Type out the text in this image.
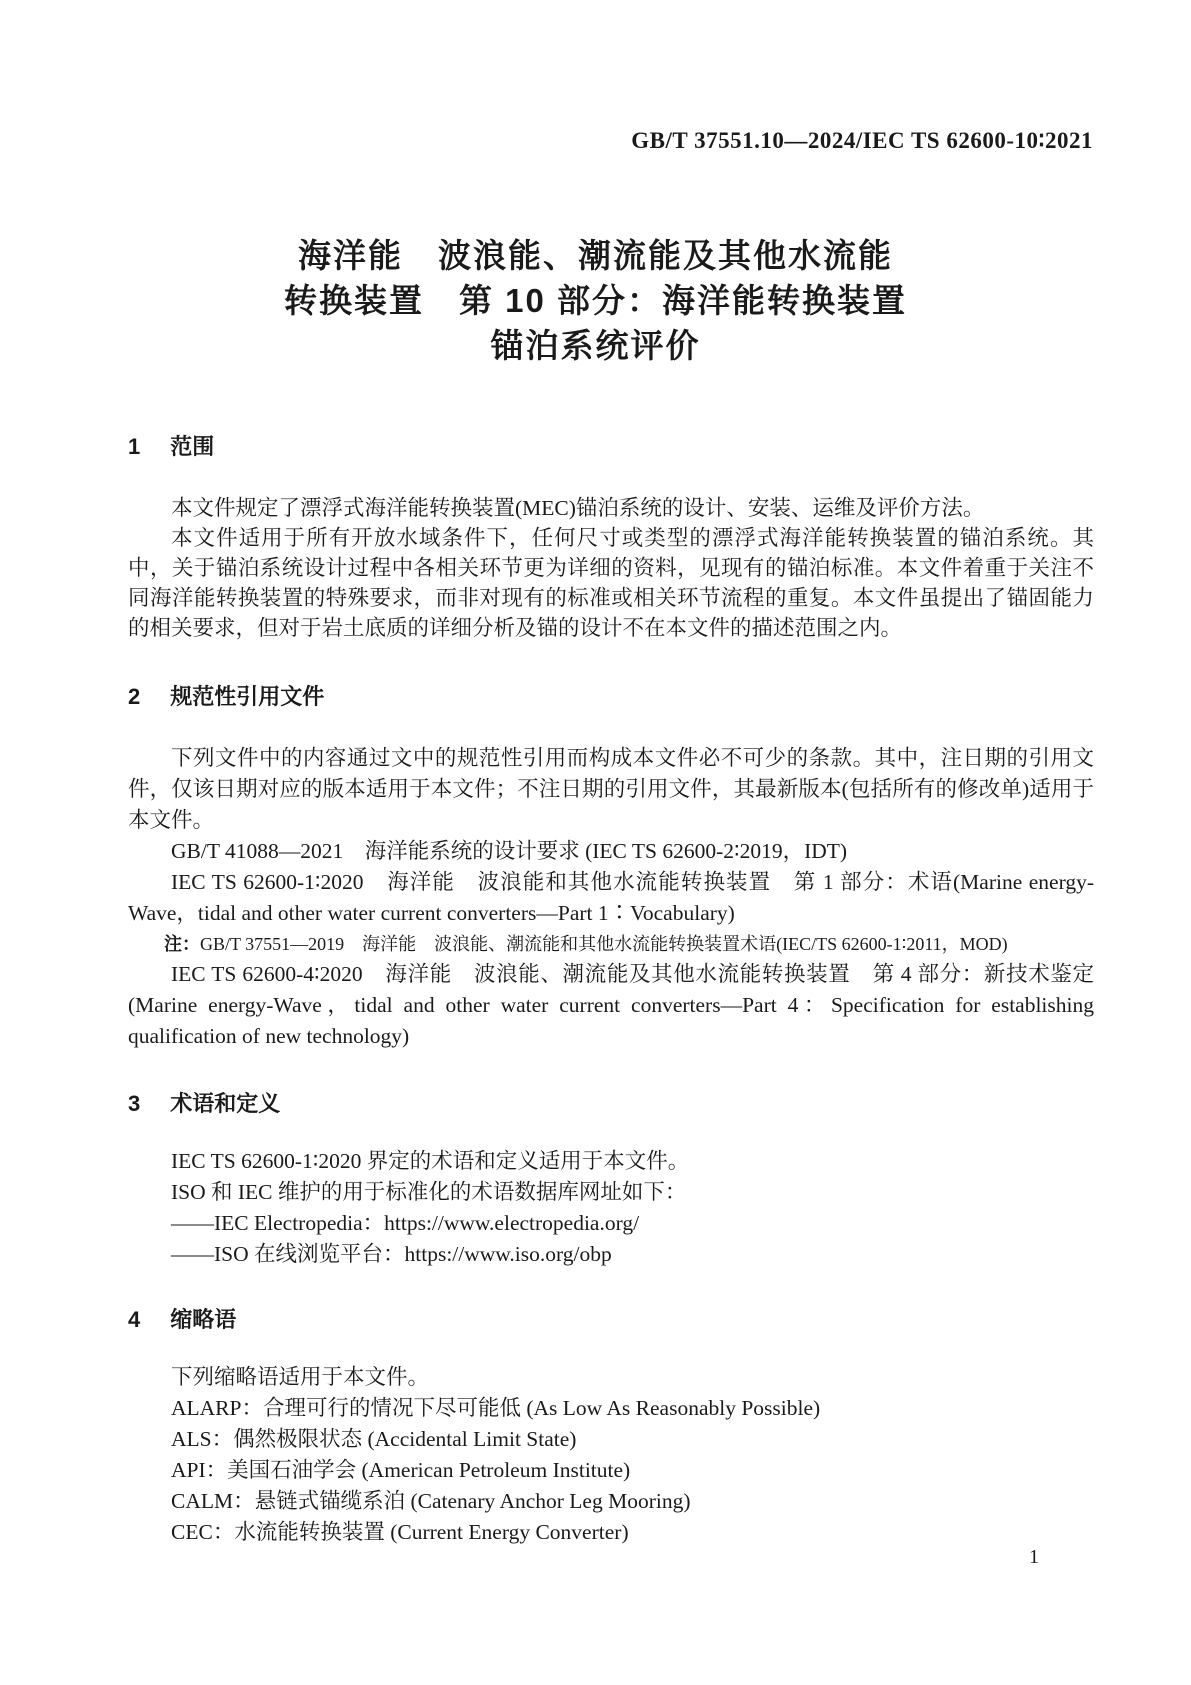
GB/T 37551.10—2024/IEC TS 62600-10∶2021
海洋能　波浪能、潮流能及其他水流能
转换装置　第 10 部分：海洋能转换装置
锚泊系统评价
1 范围

本文件规定了漂浮式海洋能转换装置(MEC)锚泊系统的设计、安装、运维及评价方法。

本文件适用于所有开放水域条件下，任何尺寸或类型的漂浮式海洋能转换装置的锚泊系统。其中，关于锚泊系统设计过程中各相关环节更为详细的资料，见现有的锚泊标准。本文件着重于关注不同海洋能转换装置的特殊要求，而非对现有的标准或相关环节流程的重复。本文件虽提出了锚固能力的相关要求，但对于岩土底质的详细分析及锚的设计不在本文件的描述范围之内。

2 规范性引用文件

下列文件中的内容通过文中的规范性引用而构成本文件必不可少的条款。其中，注日期的引用文件，仅该日期对应的版本适用于本文件；不注日期的引用文件，其最新版本(包括所有的修改单)适用于本文件。

GB/T 41088—2021　海洋能系统的设计要求 (IEC TS 62600-2∶2019，IDT)

IEC TS 62600-1∶2020　海洋能　波浪能和其他水流能转换装置　第 1 部分：术语(Marine energy-Wave，tidal and other water current converters—Part 1∶Vocabulary)

注：GB/T 37551—2019　海洋能　波浪能、潮流能和其他水流能转换装置术语(IEC/TS 62600-1∶2011，MOD)

IEC TS 62600-4∶2020　海洋能　波浪能、潮流能及其他水流能转换装置　第 4 部分：新技术鉴定 (Marine energy-Wave，tidal and other water current converters—Part 4：Specification for establishing qualification of new technology)

3 术语和定义

IEC TS 62600-1∶2020 界定的术语和定义适用于本文件。

ISO 和 IEC 维护的用于标准化的术语数据库网址如下：

——IEC Electropedia：https://www.electropedia.org/

——ISO 在线浏览平台：https://www.iso.org/obp

4 缩略语

下列缩略语适用于本文件。

ALARP：合理可行的情况下尽可能低 (As Low As Reasonably Possible)

ALS：偶然极限状态 (Accidental Limit State)

API：美国石油学会 (American Petroleum Institute)

CALM：悬链式锚缆系泊 (Catenary Anchor Leg Mooring)

CEC：水流能转换装置 (Current Energy Converter)

1
